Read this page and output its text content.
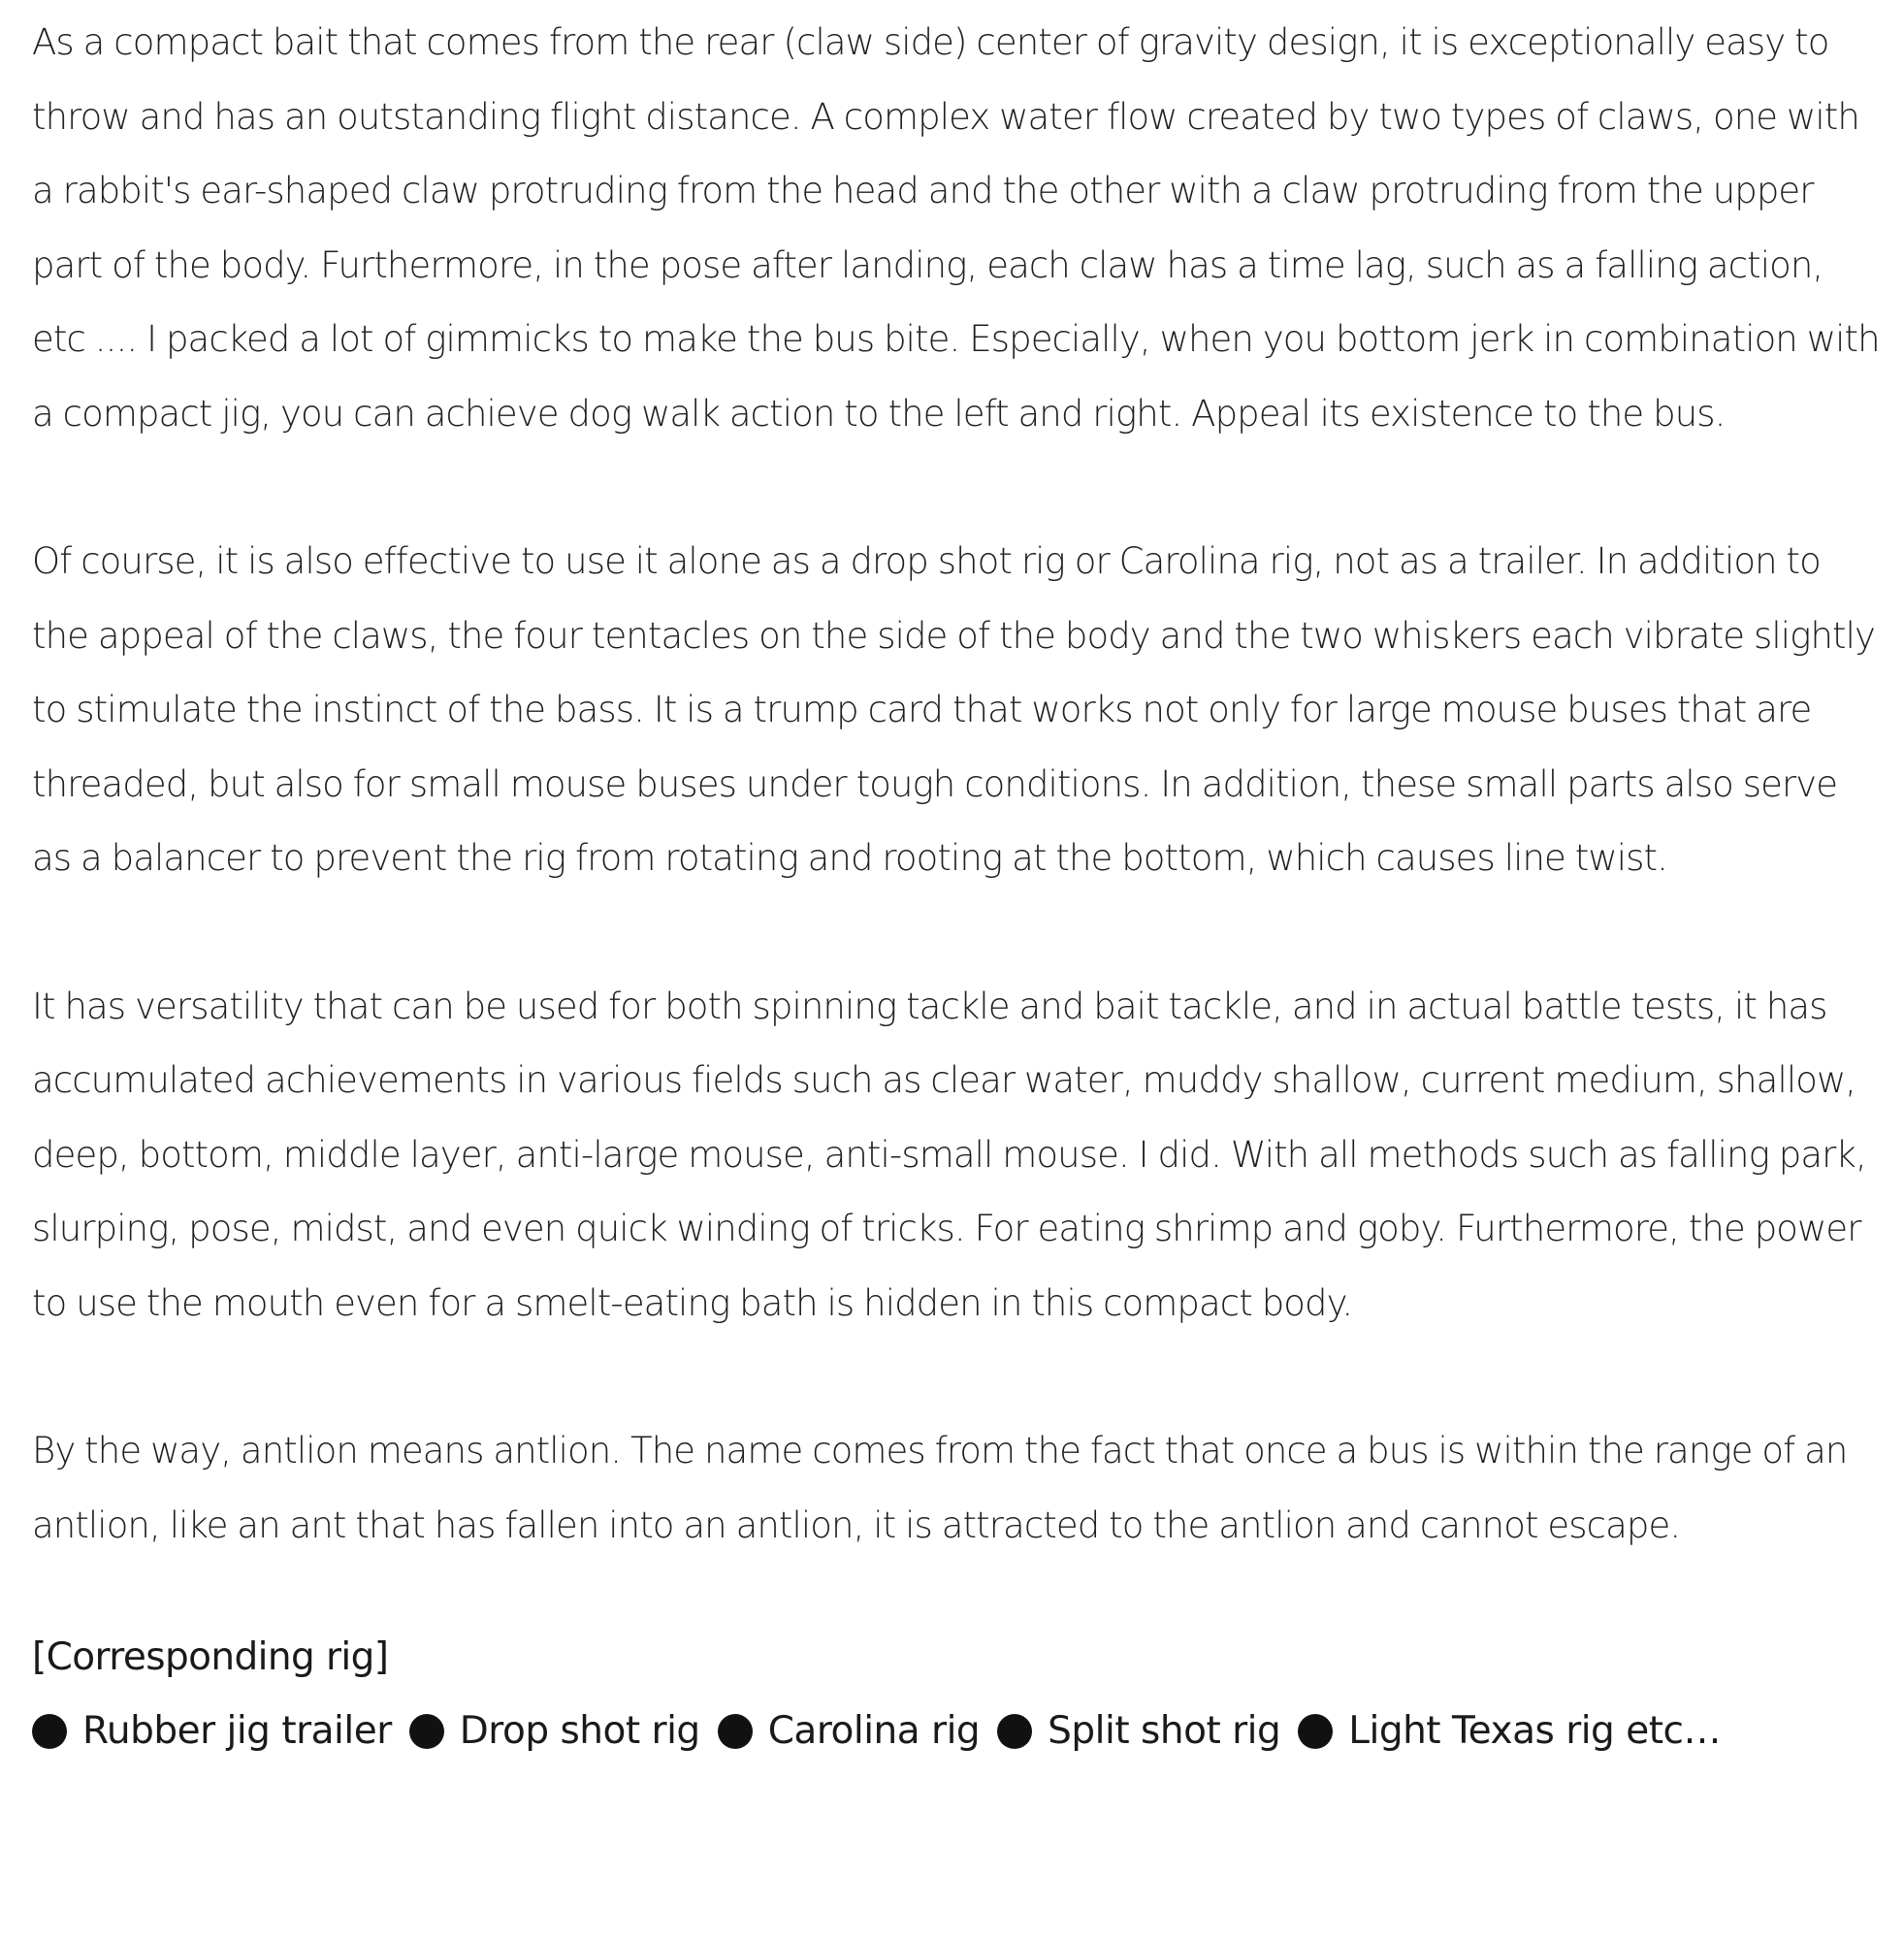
As a compact bait that comes from the rear (claw side) center of gravity design, it is exceptionally easy to throw and has an outstanding flight distance. A complex water flow created by two types of claws, one with a rabbit's ear-shaped claw protruding from the head and the other with a claw protruding from the upper part of the body. Furthermore, in the pose after landing, each claw has a time lag, such as a falling action, etc .... I packed a lot of gimmicks to make the bus bite. Especially, when you bottom jerk in combination with a compact jig, you can achieve dog walk action to the left and right. Appeal its existence to the bus.

Of course, it is also effective to use it alone as a drop shot rig or Carolina rig, not as a trailer. In addition to the appeal of the claws, the four tentacles on the side of the body and the two whiskers each vibrate slightly to stimulate the instinct of the bass. It is a trump card that works not only for large mouse buses that are threaded, but also for small mouse buses under tough conditions. In addition, these small parts also serve as a balancer to prevent the rig from rotating and rooting at the bottom, which causes line twist.

It has versatility that can be used for both spinning tackle and bait tackle, and in actual battle tests, it has accumulated achievements in various fields such as clear water, muddy shallow, current medium, shallow, deep, bottom, middle layer, anti-large mouse, anti-small mouse. I did. With all methods such as falling park, slurping, pose, midst, and even quick winding of tricks. For eating shrimp and goby. Furthermore, the power to use the mouth even for a smelt-eating bath is hidden in this compact body.

By the way, antlion means antlion. The name comes from the fact that once a bus is within the range of an antlion, like an ant that has fallen into an antlion, it is attracted to the antlion and cannot escape.

[Corresponding rig]
Rubber jig trailer Drop shot rig Carolina rig Split shot rig Light Texas rig etc…
